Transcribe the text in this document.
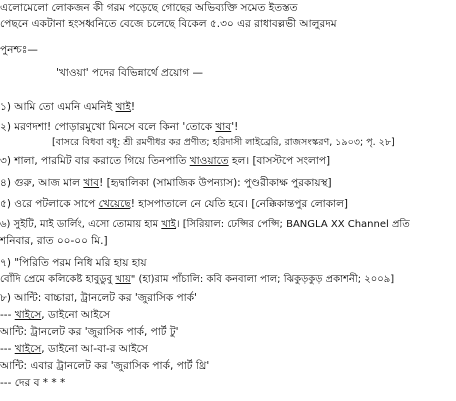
এলোমেলো লোকজন কী গরম পড়েছে গোছের অভিব্যক্তি সমেত ইতস্তত
পেছনে একটানা হংসধ্বনিতে বেজে চলেছে বিকেল ৫.৩০ এর রাধাবল্লভী আলুরদম
পুনশ্চঃ—
'খাওয়া' পদের বিভিন্নার্থে প্রয়োগ —
১) আমি তো এমনি এমনিই খাই!
২) মরণদশা! পোড়ারমুখো মিনসে বলে কিনা 'তোকে খাব'!
[বাসরে বিধবা বধূ: শ্রী রমণীধর কর প্রণীত; হরিদাসী লাইব্রেরি, রাজসংস্করণ, ১৯০৩; পৃ. ২৮]
৩) শালা, পারমিট বার করাতে গিয়ে তিনপাতি খাওয়াতে হল। [বাসস্টপে সংলাপ]
৪) গুরু, আজ মাল খাব! [হৃদ্বালিকা (সামাজিক উপন্যাস): পুণ্ডরীকাক্ষ পুরকায়স্থ]
৫) ওরে পটলাকে সাপে খেয়েছে! হাসপাতালে নে যেতি হবে। [নেক্কিকান্তপুর লোকাল]
৬) সুইটি, মাই ডার্লিং, এসো তোমায় হাম খাই। [সিরিয়াল: ঢেপ্সির পেপ্সি; BANGLA XX Channel প্রতি
শনিবার, রাত ০০-০০ মি.]
৭) "পিরিতি পরম নিধি মরি হায় হায়
বোঁদি প্রেমে কলিকেষ্ট হাবুডুবু খায়" (হা)রাম পাঁচালি: কবি কনবালা পাল; ঝিকুড়কুড় প্রকাশনী; ২০০৯]
৮) আন্টি: বাচ্চারা, ট্রানলেট কর 'জুরাসিক পার্ক'
--- খাইসে, ডাইনো আইসে
আন্টি: ট্রানলেট কর 'জুরাসিক পার্ক, পার্ট টু'
--- খাইসে, ডাইনো আ-বা-র আইসে
আন্টি: এবার ট্রানলেট কর 'জুরাসিক পার্ক, পার্ট থ্রি'
--- দের ব * * *
